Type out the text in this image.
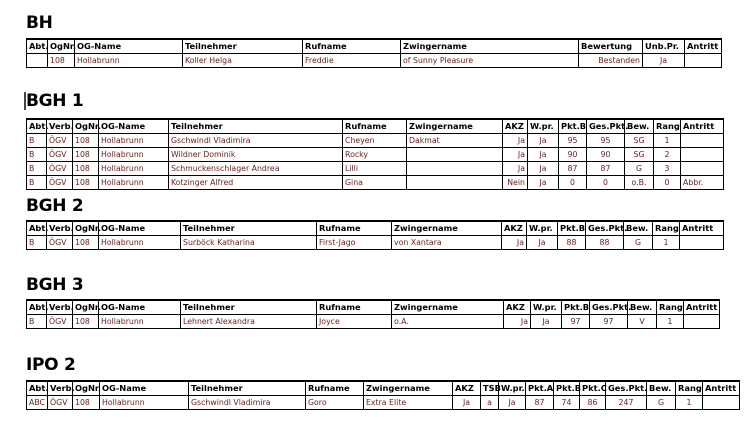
BH
Abt.	OgNr.	OG-Name	Teilnehmer	Rufname	Zwingername	Bewertung	Unb.Pr.	Antritt
	108	Hollabrunn	Koller Helga	Freddie	of Sunny Pleasure	Bestanden	Ja	
BGH 1
Abt.	Verb.	OgNr.	OG-Name	Teilnehmer	Rufname	Zwingername	AKZ	W.pr.	Pkt.B	Ges.Pkt.	Bew.	Rang	Antritt
B	ÖGV	108	Hollabrunn	Gschwindl Vladimira	Cheyen	Dakmat	Ja	Ja	95	95	SG	1	
B	ÖGV	108	Hollabrunn	Wildner Dominik	Rocky		Ja	Ja	90	90	SG	2	
B	ÖGV	108	Hollabrunn	Schmuckenschlager Andrea	Lilli		Ja	Ja	87	87	G	3	
B	ÖGV	108	Hollabrunn	Kotzinger Alfred	Gina		Nein	Ja	0	0	o.B.	0	Abbr.
BGH 2
Abt.	Verb.	OgNr.	OG-Name	Teilnehmer	Rufname	Zwingername	AKZ	W.pr.	Pkt.B	Ges.Pkt.	Bew.	Rang	Antritt
B	ÖGV	108	Hollabrunn	Surböck Katharina	First-Jago	von Xantara	Ja	Ja	88	88	G	1	
BGH 3
Abt.	Verb.	OgNr.	OG-Name	Teilnehmer	Rufname	Zwingername	AKZ	W.pr.	Pkt.B	Ges.Pkt.	Bew.	Rang	Antritt
B	ÖGV	108	Hollabrunn	Lehnert Alexandra	Joyce	o.A.	Ja	Ja	97	97	V	1	
IPO 2
Abt.	Verb.	OgNr.	OG-Name	Teilnehmer	Rufname	Zwingername	AKZ	TSB	W.pr.	Pkt.A	Pkt.B	Pkt.C	Ges.Pkt.	Bew.	Rang	Antritt
ABC	ÖGV	108	Hollabrunn	Gschwindl Vladimira	Goro	Extra Elite	Ja	a	Ja	87	74	86	247	G	1	
